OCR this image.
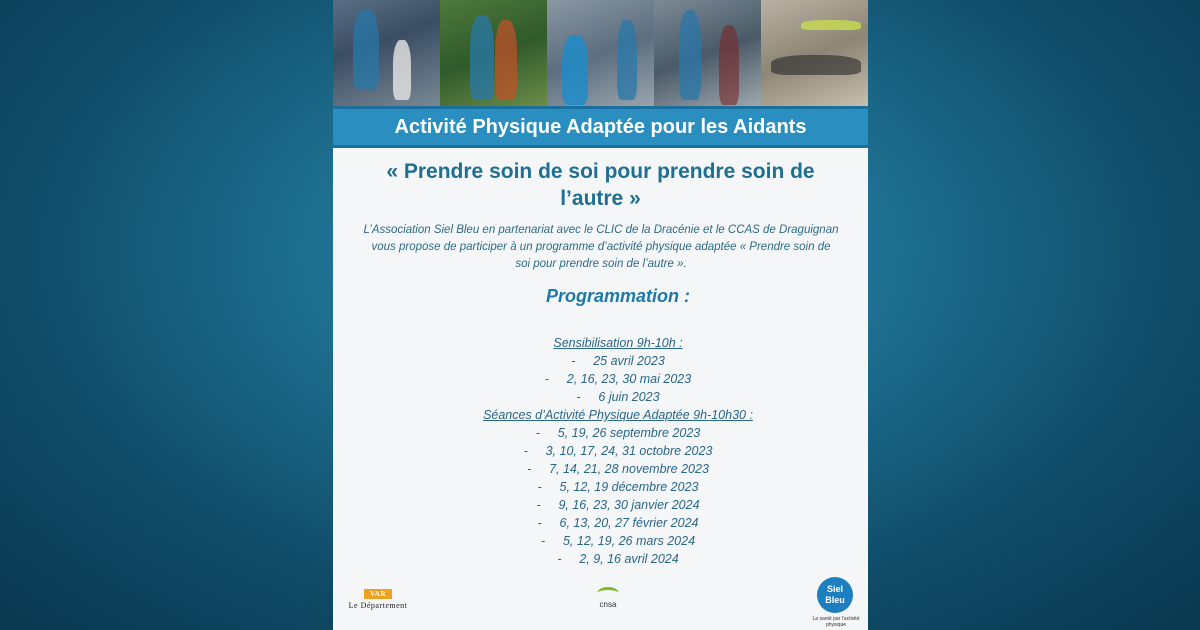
Activité Physique Adaptée pour les Aidants
« Prendre soin de soi pour prendre soin de
l’autre »
L’Association Siel Bleu en partenariat avec le CLIC de la Dracénie et le CCAS de Draguignan
vous propose de participer à un programme d’activité physique adaptée « Prendre soin de
soi pour prendre soin de l’autre ».
Programmation :
Sensibilisation 9h-10h :
- 25 avril 2023
- 2, 16, 23, 30 mai 2023
- 6 juin 2023
Séances d’Activité Physique Adaptée 9h-10h30 :
- 5, 19, 26 septembre 2023
- 3, 10, 17, 24, 31 octobre 2023
- 7, 14, 21, 28 novembre 2023
- 5, 12, 19 décembre 2023
- 9, 16, 23, 30 janvier 2024
- 6, 13, 20, 27 février 2024
- 5, 12, 19, 26 mars 2024
- 2, 9, 16 avril 2024
VAR
Le Département	cnsa
Siel
Bleu
La santé par l’activité physique
